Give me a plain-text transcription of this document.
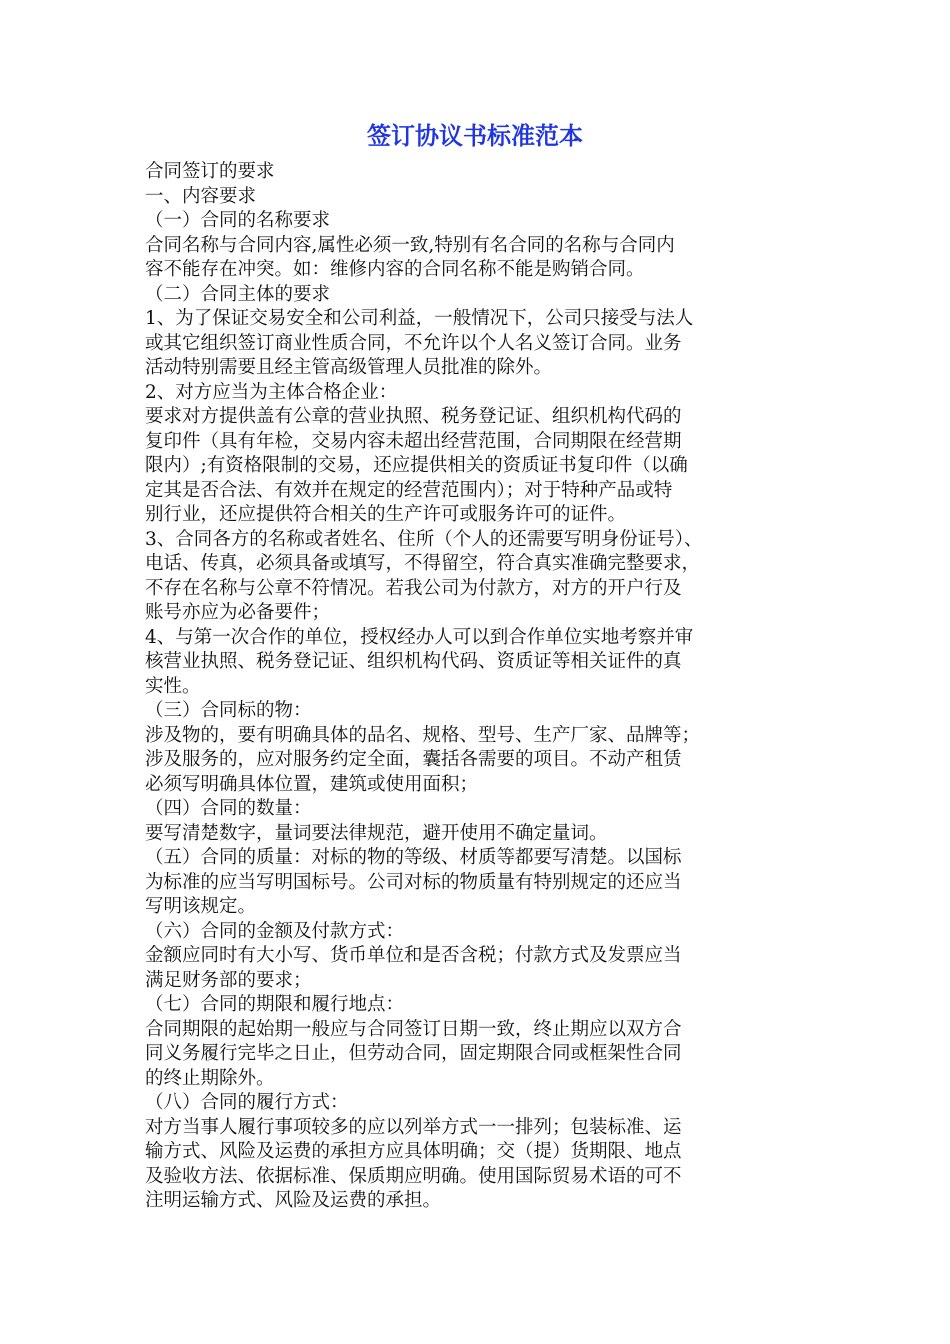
签订协议书标准范本
合同签订的要求
一、内容要求
（一）合同的名称要求
合同名称与合同内容,属性必须一致,特别有名合同的名称与合同内
容不能存在冲突。如：维修内容的合同名称不能是购销合同。
（二）合同主体的要求
1、为了保证交易安全和公司利益，一般情况下，公司只接受与法人
或其它组织签订商业性质合同，不允许以个人名义签订合同。业务
活动特别需要且经主管高级管理人员批准的除外。
2、对方应当为主体合格企业：
要求对方提供盖有公章的营业执照、税务登记证、组织机构代码的
复印件（具有年检，交易内容未超出经营范围，合同期限在经营期
限内）;有资格限制的交易，还应提供相关的资质证书复印件（以确
定其是否合法、有效并在规定的经营范围内）；对于特种产品或特
别行业，还应提供符合相关的生产许可或服务许可的证件。
3、合同各方的名称或者姓名、住所（个人的还需要写明身份证号）、
电话、传真，必须具备或填写，不得留空，符合真实准确完整要求，
不存在名称与公章不符情况。若我公司为付款方，对方的开户行及
账号亦应为必备要件；
4、与第一次合作的单位，授权经办人可以到合作单位实地考察并审
核营业执照、税务登记证、组织机构代码、资质证等相关证件的真
实性。
（三）合同标的物：
涉及物的，要有明确具体的品名、规格、型号、生产厂家、品牌等；
涉及服务的，应对服务约定全面，囊括各需要的项目。不动产租赁
必须写明确具体位置，建筑或使用面积；
（四）合同的数量：
要写清楚数字，量词要法律规范，避开使用不确定量词。
（五）合同的质量：对标的物的等级、材质等都要写清楚。以国标
为标准的应当写明国标号。公司对标的物质量有特别规定的还应当
写明该规定。
（六）合同的金额及付款方式：
金额应同时有大小写、货币单位和是否含税；付款方式及发票应当
满足财务部的要求；
（七）合同的期限和履行地点：
合同期限的起始期一般应与合同签订日期一致，终止期应以双方合
同义务履行完毕之日止，但劳动合同，固定期限合同或框架性合同
的终止期除外。
（八）合同的履行方式：
对方当事人履行事项较多的应以列举方式一一排列；包装标准、运
输方式、风险及运费的承担方应具体明确；交（提）货期限、地点
及验收方法、依据标准、保质期应明确。使用国际贸易术语的可不
注明运输方式、风险及运费的承担。
